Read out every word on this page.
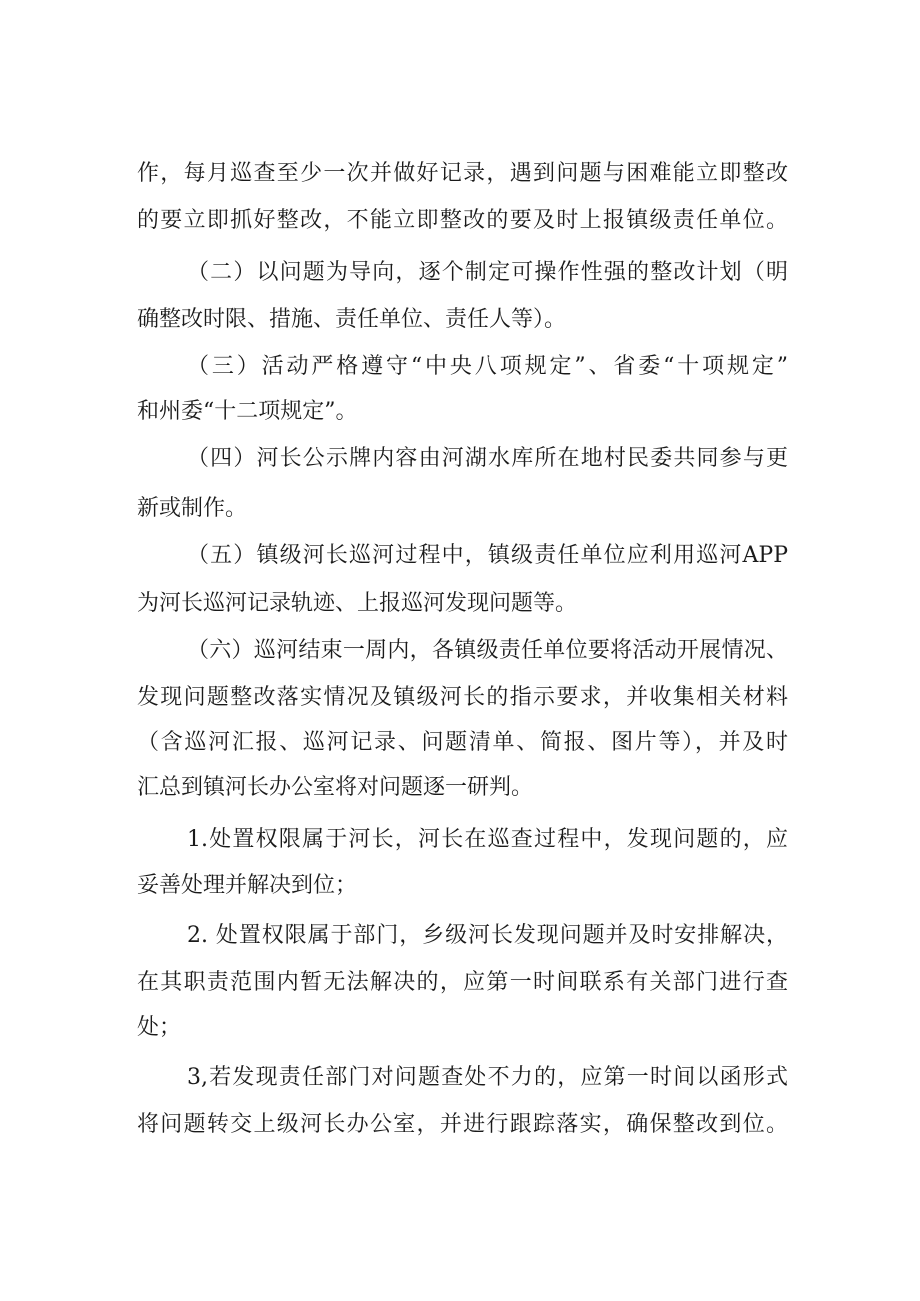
作，每月巡查至少一次并做好记录，遇到问题与困难能立即整改
的要立即抓好整改，不能立即整改的要及时上报镇级责任单位。
（二）以问题为导向，逐个制定可操作性强的整改计划（明
确整改时限、措施、责任单位、责任人等）。
（三）活动严格遵守“中央八项规定”、省委“十项规定”
和州委“十二项规定”。
（四）河长公示牌内容由河湖水库所在地村民委共同参与更
新或制作。
（五）镇级河长巡河过程中，镇级责任单位应利用巡河APP
为河长巡河记录轨迹、上报巡河发现问题等。
（六）巡河结束一周内，各镇级责任单位要将活动开展情况、
发现问题整改落实情况及镇级河长的指示要求，并收集相关材料
（含巡河汇报、巡河记录、问题清单、简报、图片等），并及时
汇总到镇河长办公室将对问题逐一研判。
1.处置权限属于河长，河长在巡查过程中，发现问题的，应
妥善处理并解决到位；
2. 处置权限属于部门，乡级河长发现问题并及时安排解决，
在其职责范围内暂无法解决的，应第一时间联系有关部门进行查
处；
3,若发现责任部门对问题查处不力的，应第一时间以函形式
将问题转交上级河长办公室，并进行跟踪落实，确保整改到位。
